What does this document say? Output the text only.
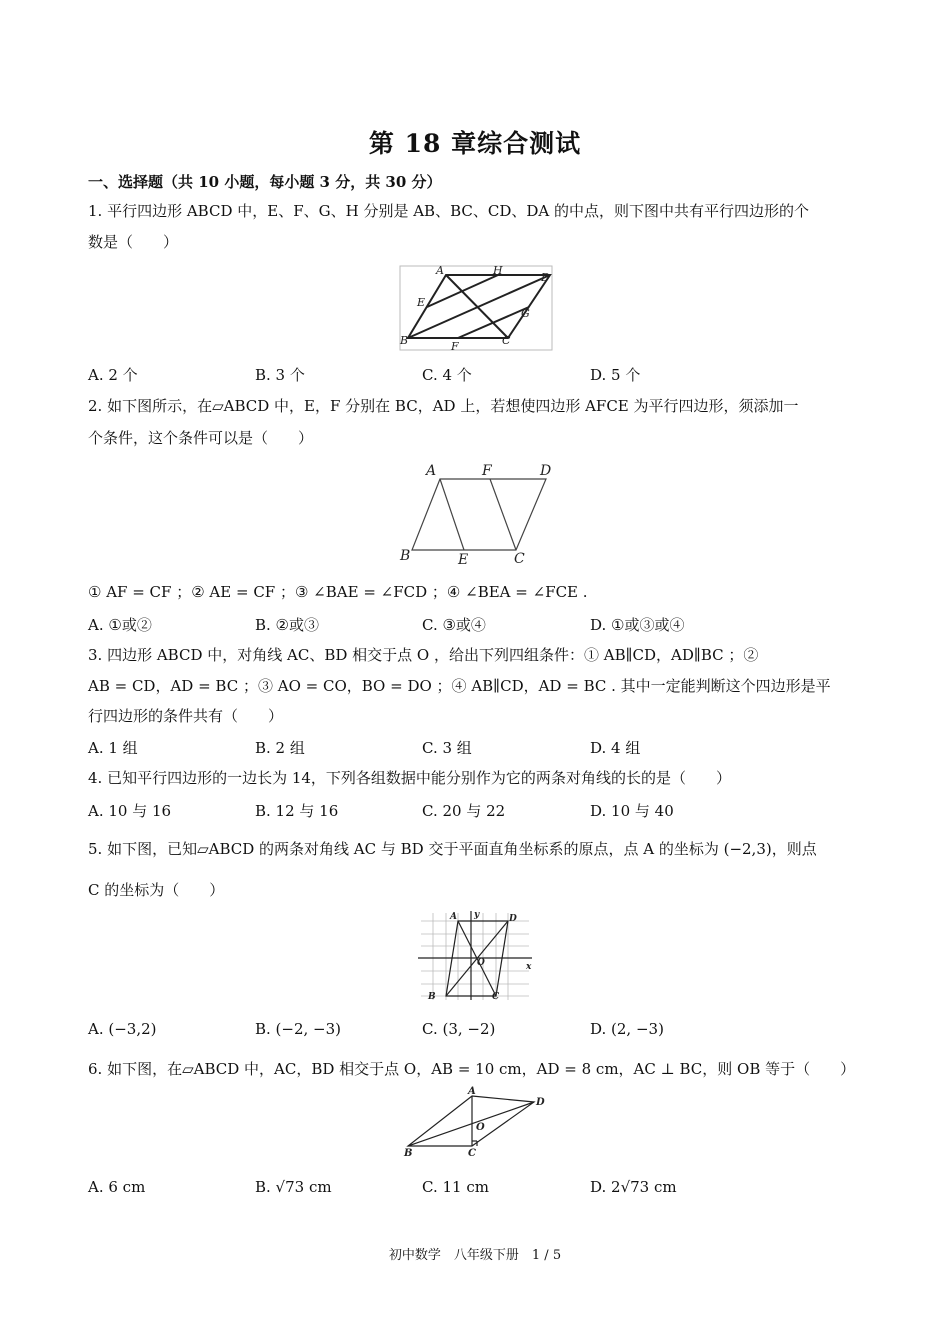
第 18 章综合测试
一、选择题（共 10 小题，每小题 3 分，共 30 分）
1. 平行四边形 ABCD 中，E、F、G、H 分别是 AB、BC、CD、DA 的中点，则下图中共有平行四边形的个
数是（　　）
A	H
D
E
G
B	F	C
A. 2 个	B. 3 个	C. 4 个	D. 5 个
2. 如下图所示，在▱ABCD 中，E，F 分别在 BC，AD 上，若想使四边形 AFCE 为平行四边形，须添加一
个条件，这个条件可以是（　　）
A	F	D
B	E	C
① AF = CF ；② AE = CF ；③ ∠BAE = ∠FCD ；④ ∠BEA = ∠FCE .
A. ①或②	B. ②或③	C. ③或④	D. ①或③或④
3. 四边形 ABCD 中，对角线 AC、BD 相交于点 O ，给出下列四组条件：① AB∥CD，AD∥BC ；②
AB = CD，AD = BC ；③ AO = CO，BO = DO ；④ AB∥CD，AD = BC . 其中一定能判断这个四边形是平
行四边形的条件共有（　　）
A. 1 组	B. 2 组	C. 3 组	D. 4 组
4. 已知平行四边形的一边长为 14，下列各组数据中能分别作为它的两条对角线的长的是（　　）
A. 10 与 16	B. 12 与 16	C. 20 与 22	D. 10 与 40
5. 如下图，已知▱ABCD 的两条对角线 AC 与 BD 交于平面直角坐标系的原点，点 A 的坐标为 (−2,3)，则点
C 的坐标为（　　）
A y	D
O	x
B	C
A. (−3,2)	B. (−2, −3)	C. (3, −2)	D. (2, −3)
6. 如下图，在▱ABCD 中，AC，BD 相交于点 O，AB = 10 cm，AD = 8 cm，AC ⊥ BC，则 OB 等于（　　）
A
D
O
B	C
A. 6 cm	B. √73 cm	C. 11 cm	D. 2√73 cm
初中数学　八年级下册　1 / 5
